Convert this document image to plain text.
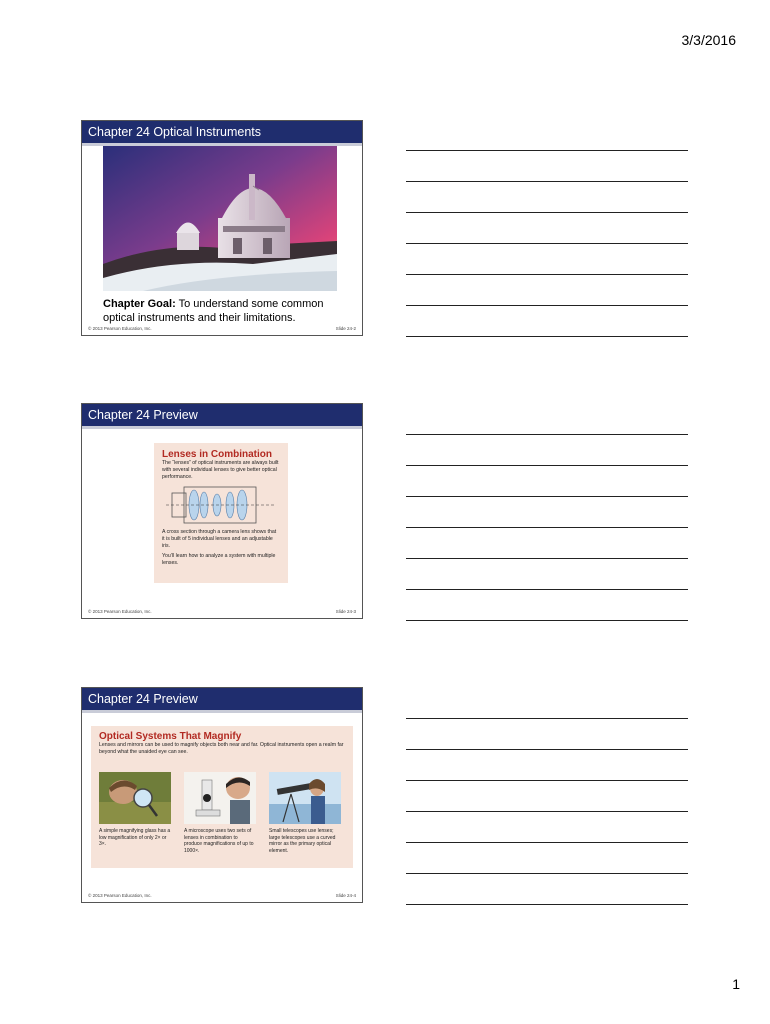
3/3/2016
Chapter 24 Optical Instruments
Chapter Goal: To understand some common optical instruments and their limitations.
© 2013 Pearson Education, Inc.	Slide 24-2
Chapter 24 Preview
Lenses in Combination
The “lenses” of optical instruments are always built with several individual lenses to give better optical performance.
A cross section through a camera lens shows that it is built of 5 individual lenses and an adjustable iris.
You’ll learn how to analyze a system with multiple lenses.
© 2013 Pearson Education, Inc.	Slide 24-3
Chapter 24 Preview
Optical Systems That Magnify
Lenses and mirrors can be used to magnify objects both near and far. Optical instruments open a realm far beyond what the unaided eye can see.
A simple magnifying glass has a low magnification of only 2× or 3×.
A microscope uses two sets of lenses in combination to produce magnifications of up to 1000×.
Small telescopes use lenses; large telescopes use a curved mirror as the primary optical element.
© 2013 Pearson Education, Inc.	Slide 24-4
1
